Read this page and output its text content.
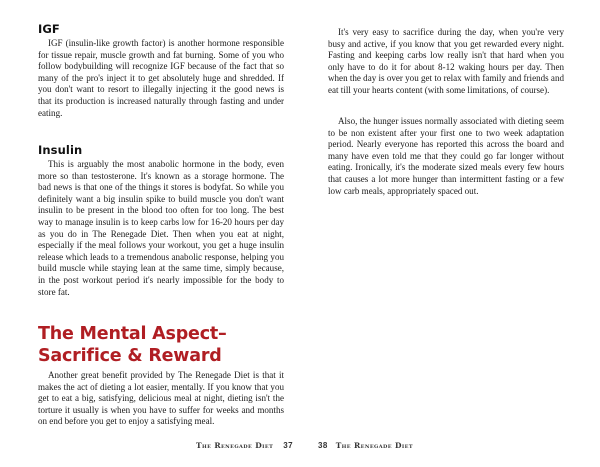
IGF

IGF (insulin-like growth factor) is another hormone responsible for tissue repair, muscle growth and fat burning. Some of you who follow bodybuilding will recognize IGF because of the fact that so many of the pro's inject it to get absolutely huge and shredded. If you don't want to resort to illegally injecting it the good news is that its production is increased naturally through fasting and under eating.

Insulin

This is arguably the most anabolic hormone in the body, even more so than testosterone. It's known as a storage hormone. The bad news is that one of the things it stores is bodyfat. So while you definitely want a big insulin spike to build muscle you don't want insulin to be present in the blood too often for too long. The best way to manage insulin is to keep carbs low for 16-20 hours per day as you do in The Renegade Diet. Then when you eat at night, especially if the meal follows your workout, you get a huge insulin release which leads to a tremendous anabolic response, helping you build muscle while staying lean at the same time, simply because, in the post workout period it's nearly impossible for the body to store fat.

The Mental Aspect–
Sacrifice & Reward

Another great benefit provided by The Renegade Diet is that it makes the act of dieting a lot easier, mentally. If you know that you get to eat a big, satisfying, delicious meal at night, dieting isn't the torture it usually is when you have to suffer for weeks and months on end before you get to enjoy a satisfying meal.

The Renegade Diet 37

It's very easy to sacrifice during the day, when you're very busy and active, if you know that you get rewarded every night. Fasting and keeping carbs low really isn't that hard when you only have to do it for about 8-12 waking hours per day. Then when the day is over you get to relax with family and friends and eat till your hearts content (with some limitations, of course).

Also, the hunger issues normally associated with dieting seem to be non existent after your first one to two week adaptation period. Nearly everyone has reported this across the board and many have even told me that they could go far longer without eating. Ironically, it's the moderate sized meals every few hours that causes a lot more hunger than intermittent fasting or a few low carb meals, appropriately spaced out.

38 The Renegade Diet
